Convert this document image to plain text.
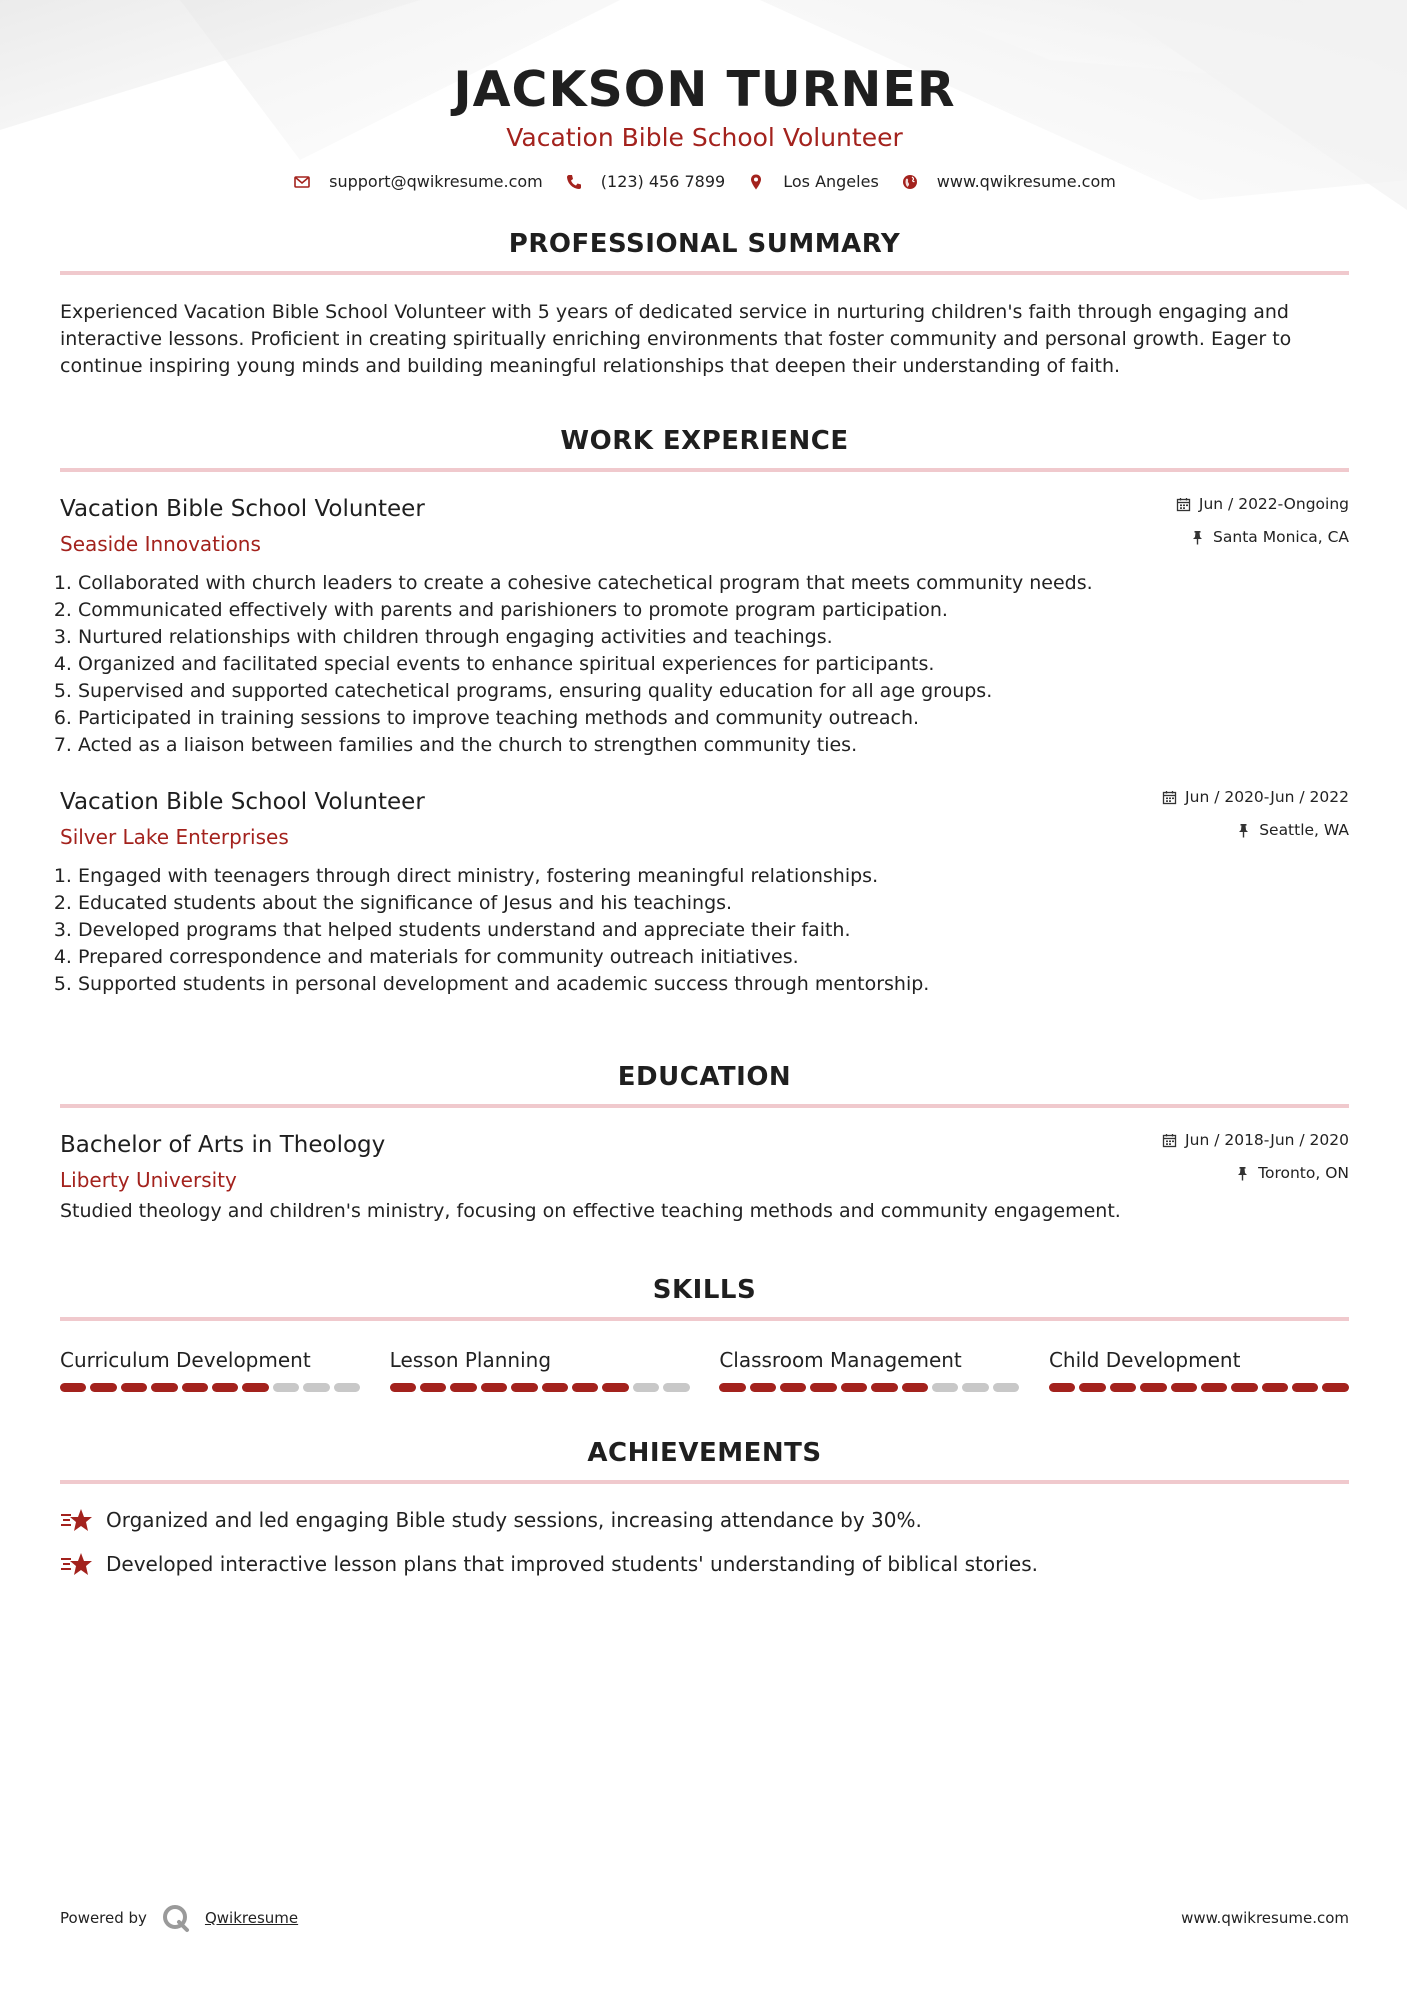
JACKSON TURNER
Vacation Bible School Volunteer
support@qwikresume.com	(123) 456 7899	Los Angeles	www.qwikresume.com
PROFESSIONAL SUMMARY
Experienced Vacation Bible School Volunteer with 5 years of dedicated service in nurturing children's faith through engaging and interactive lessons. Proficient in creating spiritually enriching environments that foster community and personal growth. Eager to continue inspiring young minds and building meaningful relationships that deepen their understanding of faith.
WORK EXPERIENCE
Vacation Bible School Volunteer
Seaside Innovations
Jun / 2022-Ongoing
Santa Monica, CA
1. Collaborated with church leaders to create a cohesive catechetical program that meets community needs.
2. Communicated effectively with parents and parishioners to promote program participation.
3. Nurtured relationships with children through engaging activities and teachings.
4. Organized and facilitated special events to enhance spiritual experiences for participants.
5. Supervised and supported catechetical programs, ensuring quality education for all age groups.
6. Participated in training sessions to improve teaching methods and community outreach.
7. Acted as a liaison between families and the church to strengthen community ties.
Vacation Bible School Volunteer
Silver Lake Enterprises
Jun / 2020-Jun / 2022
Seattle, WA
1. Engaged with teenagers through direct ministry, fostering meaningful relationships.
2. Educated students about the significance of Jesus and his teachings.
3. Developed programs that helped students understand and appreciate their faith.
4. Prepared correspondence and materials for community outreach initiatives.
5. Supported students in personal development and academic success through mentorship.
EDUCATION
Bachelor of Arts in Theology
Liberty University
Jun / 2018-Jun / 2020
Toronto, ON
Studied theology and children's ministry, focusing on effective teaching methods and community engagement.
SKILLS
Curriculum Development	Lesson Planning	Classroom Management	Child Development
ACHIEVEMENTS
Organized and led engaging Bible study sessions, increasing attendance by 30%.
Developed interactive lesson plans that improved students' understanding of biblical stories.
Powered by	Qwikresume	www.qwikresume.com
